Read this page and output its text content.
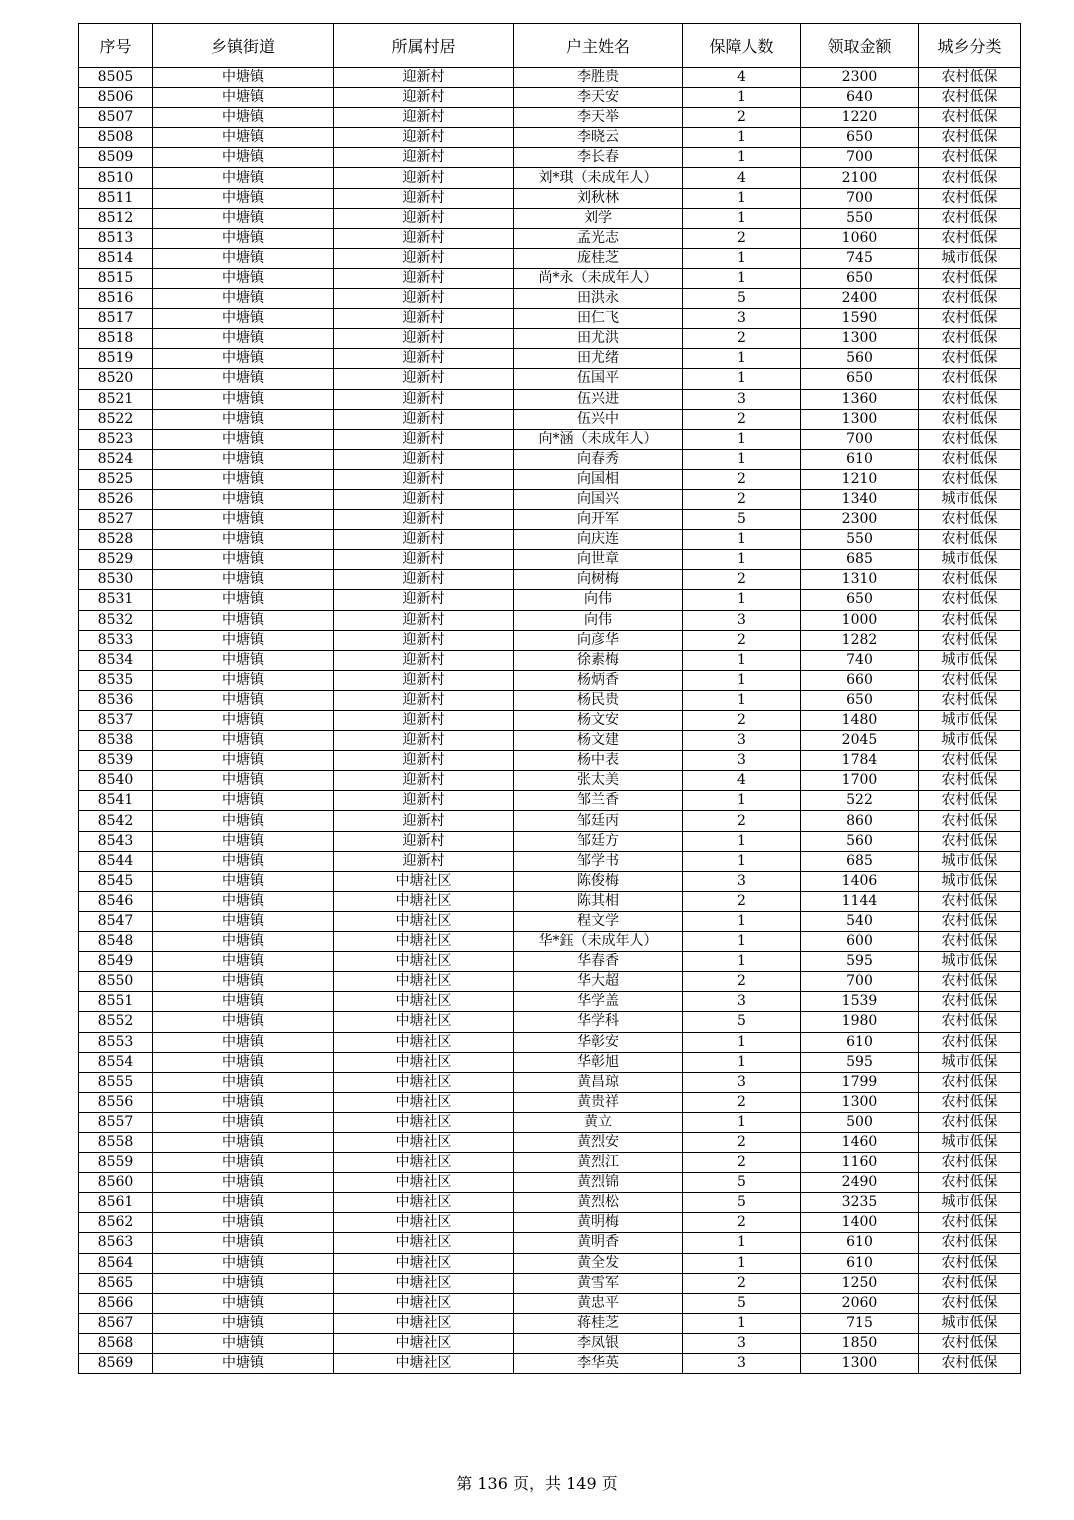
序号	乡镇街道	所属村居	户主姓名	保障人数	领取金额	城乡分类
8505	中塘镇	迎新村	李胜贵	4	2300	农村低保
8506	中塘镇	迎新村	李天安	1	640	农村低保
8507	中塘镇	迎新村	李天举	2	1220	农村低保
8508	中塘镇	迎新村	李晓云	1	650	农村低保
8509	中塘镇	迎新村	李长春	1	700	农村低保
8510	中塘镇	迎新村	刘*琪（未成年人）	4	2100	农村低保
8511	中塘镇	迎新村	刘秋林	1	700	农村低保
8512	中塘镇	迎新村	刘学	1	550	农村低保
8513	中塘镇	迎新村	孟光志	2	1060	农村低保
8514	中塘镇	迎新村	庞桂芝	1	745	城市低保
8515	中塘镇	迎新村	尚*永（未成年人）	1	650	农村低保
8516	中塘镇	迎新村	田洪永	5	2400	农村低保
8517	中塘镇	迎新村	田仁飞	3	1590	农村低保
8518	中塘镇	迎新村	田尤洪	2	1300	农村低保
8519	中塘镇	迎新村	田尤绪	1	560	农村低保
8520	中塘镇	迎新村	伍国平	1	650	农村低保
8521	中塘镇	迎新村	伍兴进	3	1360	农村低保
8522	中塘镇	迎新村	伍兴中	2	1300	农村低保
8523	中塘镇	迎新村	向*涵（未成年人）	1	700	农村低保
8524	中塘镇	迎新村	向春秀	1	610	农村低保
8525	中塘镇	迎新村	向国相	2	1210	农村低保
8526	中塘镇	迎新村	向国兴	2	1340	城市低保
8527	中塘镇	迎新村	向开军	5	2300	农村低保
8528	中塘镇	迎新村	向庆连	1	550	农村低保
8529	中塘镇	迎新村	向世章	1	685	城市低保
8530	中塘镇	迎新村	向树梅	2	1310	农村低保
8531	中塘镇	迎新村	向伟	1	650	农村低保
8532	中塘镇	迎新村	向伟	3	1000	农村低保
8533	中塘镇	迎新村	向彦华	2	1282	农村低保
8534	中塘镇	迎新村	徐素梅	1	740	城市低保
8535	中塘镇	迎新村	杨炳香	1	660	农村低保
8536	中塘镇	迎新村	杨民贵	1	650	农村低保
8537	中塘镇	迎新村	杨文安	2	1480	城市低保
8538	中塘镇	迎新村	杨文建	3	2045	城市低保
8539	中塘镇	迎新村	杨中表	3	1784	农村低保
8540	中塘镇	迎新村	张太美	4	1700	农村低保
8541	中塘镇	迎新村	邹兰香	1	522	农村低保
8542	中塘镇	迎新村	邹廷丙	2	860	农村低保
8543	中塘镇	迎新村	邹廷方	1	560	农村低保
8544	中塘镇	迎新村	邹学书	1	685	城市低保
8545	中塘镇	中塘社区	陈俊梅	3	1406	城市低保
8546	中塘镇	中塘社区	陈其相	2	1144	农村低保
8547	中塘镇	中塘社区	程文学	1	540	农村低保
8548	中塘镇	中塘社区	华*鈺（未成年人）	1	600	农村低保
8549	中塘镇	中塘社区	华春香	1	595	城市低保
8550	中塘镇	中塘社区	华大超	2	700	农村低保
8551	中塘镇	中塘社区	华学盖	3	1539	农村低保
8552	中塘镇	中塘社区	华学科	5	1980	农村低保
8553	中塘镇	中塘社区	华彰安	1	610	农村低保
8554	中塘镇	中塘社区	华彰旭	1	595	城市低保
8555	中塘镇	中塘社区	黄昌琼	3	1799	农村低保
8556	中塘镇	中塘社区	黄贵祥	2	1300	农村低保
8557	中塘镇	中塘社区	黄立	1	500	农村低保
8558	中塘镇	中塘社区	黄烈安	2	1460	城市低保
8559	中塘镇	中塘社区	黄烈江	2	1160	农村低保
8560	中塘镇	中塘社区	黄烈锦	5	2490	农村低保
8561	中塘镇	中塘社区	黄烈松	5	3235	城市低保
8562	中塘镇	中塘社区	黄明梅	2	1400	农村低保
8563	中塘镇	中塘社区	黄明香	1	610	农村低保
8564	中塘镇	中塘社区	黄全发	1	610	农村低保
8565	中塘镇	中塘社区	黄雪军	2	1250	农村低保
8566	中塘镇	中塘社区	黄忠平	5	2060	农村低保
8567	中塘镇	中塘社区	蒋桂芝	1	715	城市低保
8568	中塘镇	中塘社区	李凤银	3	1850	农村低保
8569	中塘镇	中塘社区	李华英	3	1300	农村低保
第 136 页，共 149 页
